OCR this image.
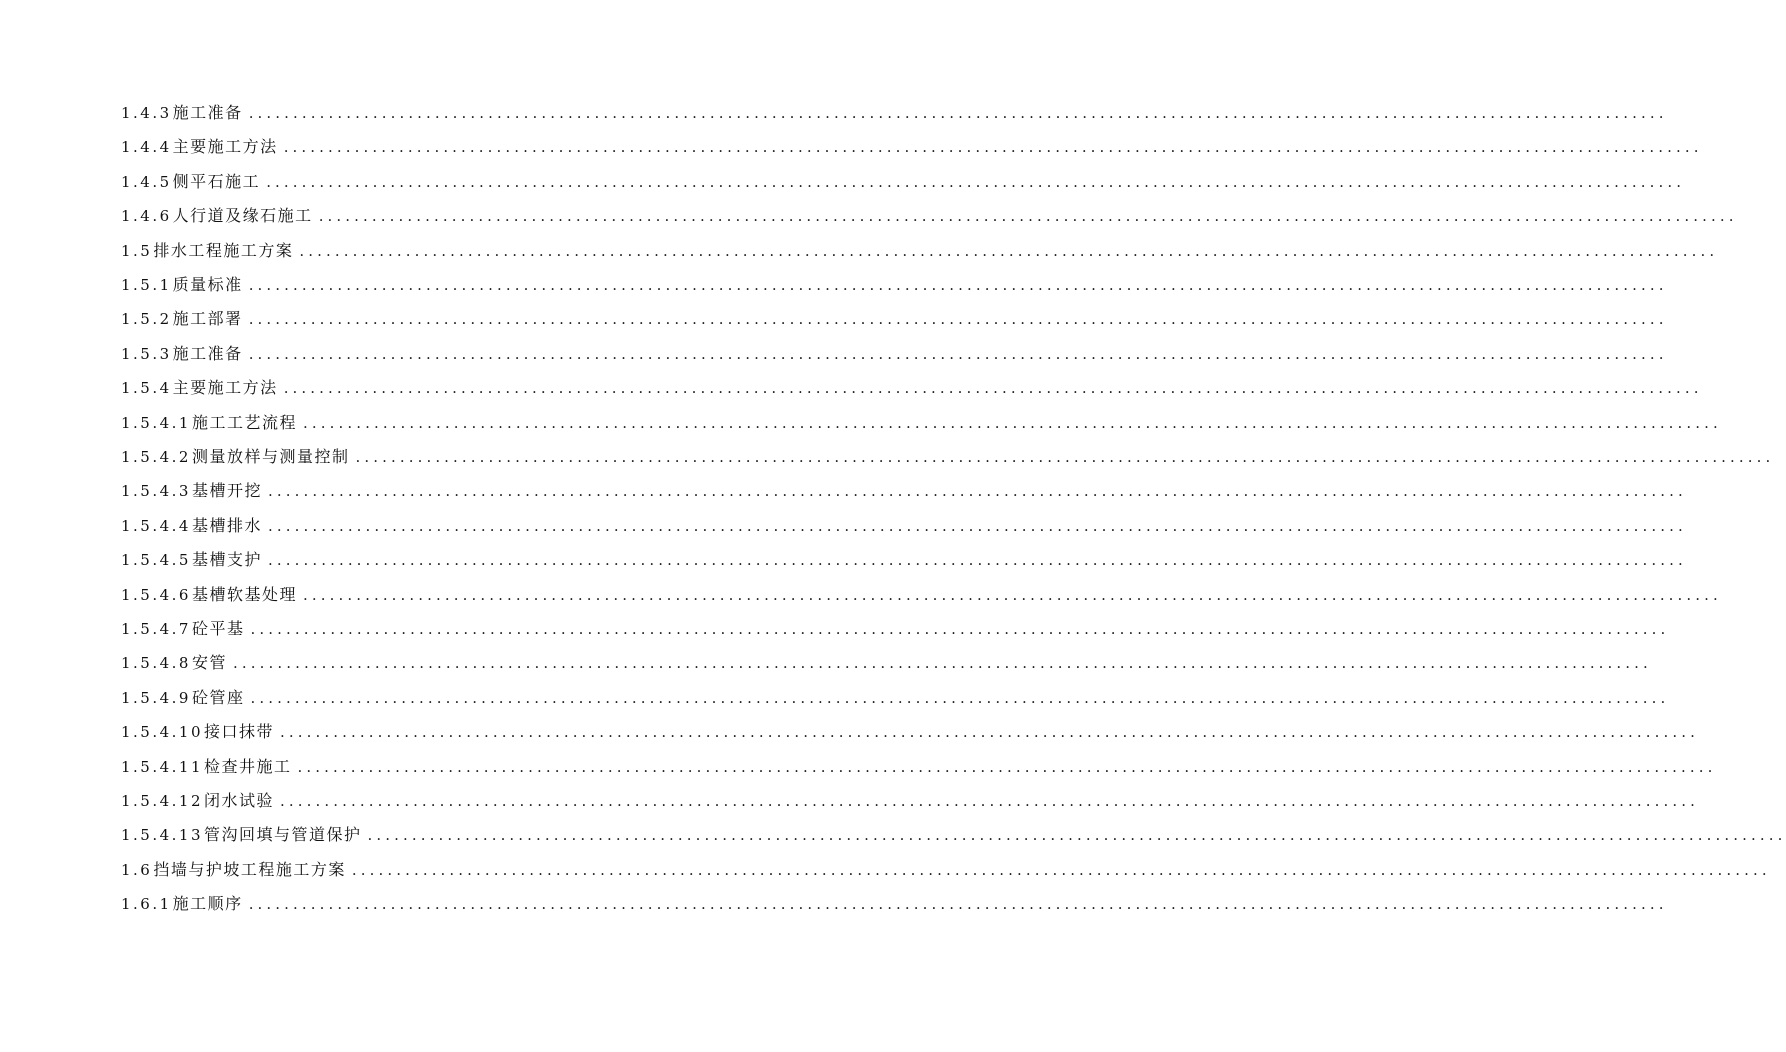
1.4.3 施工准备 ................................................................................................................................................................
1.4.4 主要施工方法 ................................................................................................................................................................
1.4.5 侧平石施工 ................................................................................................................................................................
1.4.6 人行道及缘石施工 ................................................................................................................................................................
1.5 排水工程施工方案 ................................................................................................................................................................
1.5.1 质量标准 ................................................................................................................................................................
1.5.2 施工部署 ................................................................................................................................................................
1.5.3 施工准备 ................................................................................................................................................................
1.5.4 主要施工方法 ................................................................................................................................................................
1.5.4.1 施工工艺流程 ................................................................................................................................................................
1.5.4.2 测量放样与测量控制 ................................................................................................................................................................
1.5.4.3 基槽开挖 ................................................................................................................................................................
1.5.4.4 基槽排水 ................................................................................................................................................................
1.5.4.5 基槽支护 ................................................................................................................................................................
1.5.4.6 基槽软基处理 ................................................................................................................................................................
1.5.4.7 砼平基 ................................................................................................................................................................
1.5.4.8 安管 ................................................................................................................................................................
1.5.4.9 砼管座 ................................................................................................................................................................
1.5.4.10 接口抹带 ................................................................................................................................................................
1.5.4.11 检查井施工 ................................................................................................................................................................
1.5.4.12 闭水试验 ................................................................................................................................................................
1.5.4.13 管沟回填与管道保护 ................................................................................................................................................................
1.6 挡墙与护坡工程施工方案 ................................................................................................................................................................
1.6.1 施工顺序 ................................................................................................................................................................
